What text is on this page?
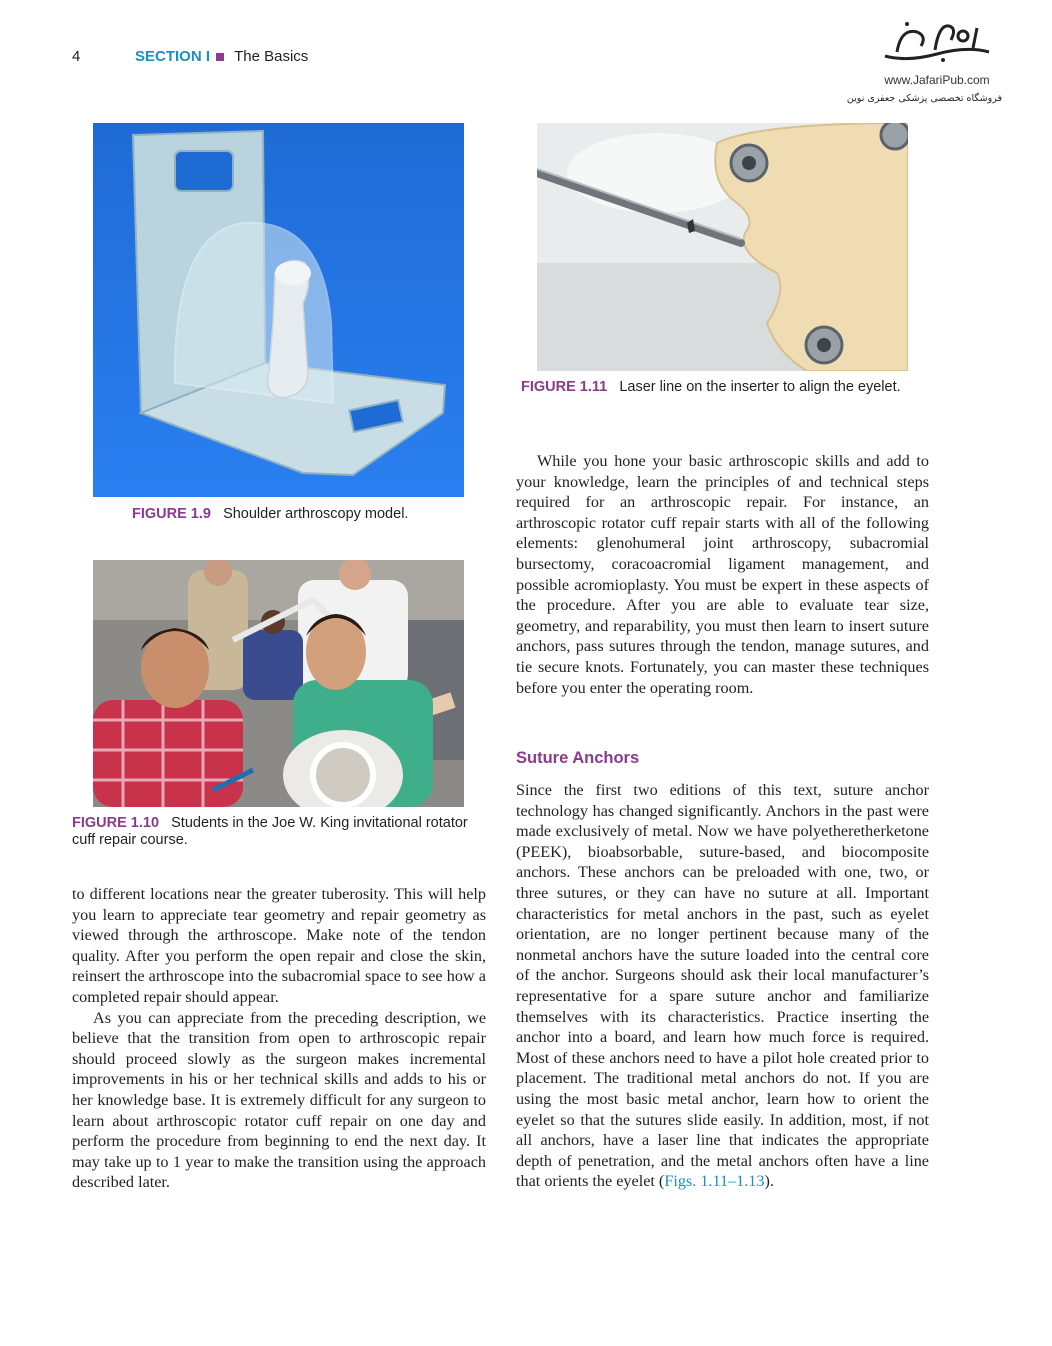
4	SECTION I The Basics
www.JafariPub.com
فروشگاه تخصصی پزشکی جعفری نوین
FIGURE 1.9 Shoulder arthroscopy model.
FIGURE 1.10 Students in the Joe W. King invitational rotator cuff repair course.
FIGURE 1.11 Laser line on the inserter to align the eyelet.

to different locations near the greater tuberosity. This will help you learn to appreciate tear geometry and repair geometry as viewed through the arthroscope. Make note of the tendon quality. After you perform the open repair and close the skin, reinsert the arthroscope into the subacromial space to see how a completed repair should appear.

As you can appreciate from the preceding description, we believe that the transition from open to arthroscopic repair should proceed slowly as the surgeon makes incremental improvements in his or her technical skills and adds to his or her knowledge base. It is extremely difficult for any surgeon to learn about arthroscopic rotator cuff repair on one day and perform the procedure from beginning to end the next day. It may take up to 1 year to make the transition using the approach described later.

While you hone your basic arthroscopic skills and add to your knowledge, learn the principles of and technical steps required for an arthroscopic repair. For instance, an arthroscopic rotator cuff repair starts with all of the following elements: glenohumeral joint arthroscopy, subacromial bursectomy, coracoacromial ligament management, and possible acromioplasty. You must be expert in these aspects of the procedure. After you are able to evaluate tear size, geometry, and reparability, you must then learn to insert suture anchors, pass sutures through the tendon, manage sutures, and tie secure knots. Fortunately, you can master these techniques before you enter the operating room.

Suture Anchors

Since the first two editions of this text, suture anchor technology has changed significantly. Anchors in the past were made exclusively of metal. Now we have polyetheretherketone (PEEK), bioabsorbable, suture-based, and biocomposite anchors. These anchors can be preloaded with one, two, or three sutures, or they can have no suture at all. Important characteristics for metal anchors in the past, such as eyelet orientation, are no longer pertinent because many of the nonmetal anchors have the suture loaded into the central core of the anchor. Surgeons should ask their local manufacturer’s representative for a spare suture anchor and familiarize themselves with its characteristics. Practice inserting the anchor into a board, and learn how much force is required. Most of these anchors need to have a pilot hole created prior to placement. The traditional metal anchors do not. If you are using the most basic metal anchor, learn how to orient the eyelet so that the sutures slide easily. In addition, most, if not all anchors, have a laser line that indicates the appropriate depth of penetration, and the metal anchors often have a line that orients the eyelet (Figs. 1.11–1.13).
